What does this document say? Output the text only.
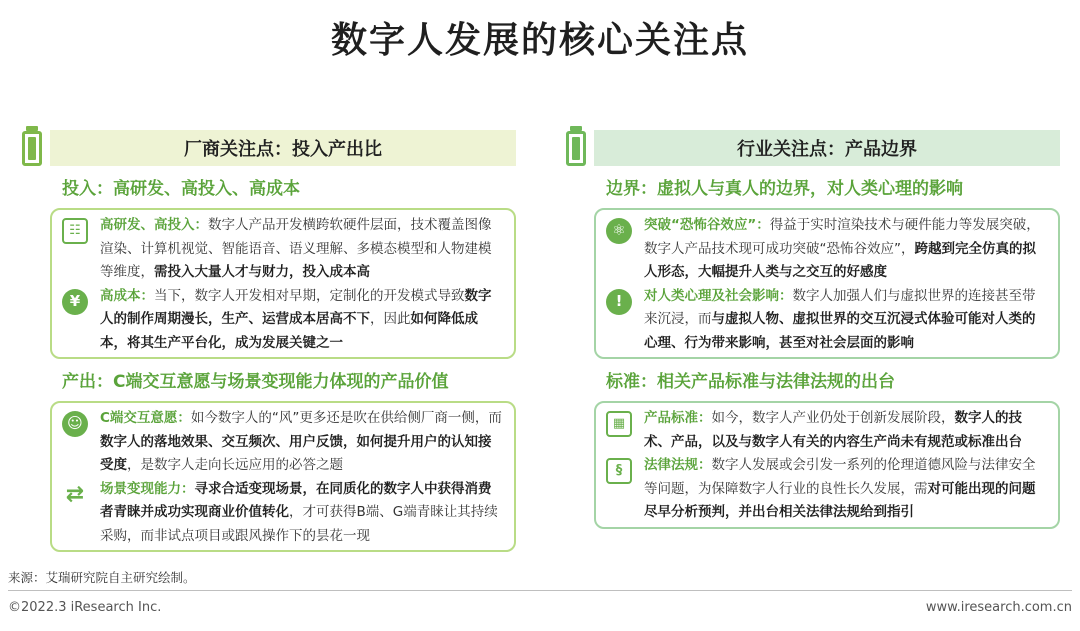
数字人发展的核心关注点
厂商关注点：投入产出比
投入：高研发、高投入、高成本
☷	高研发、高投入：数字人产品开发横跨软硬件层面，技术覆盖图像渲染、计算机视觉、智能语音、语义理解、多模态模型和人物建模等维度，需投入大量人才与财力，投入成本高
¥	高成本：当下，数字人开发相对早期，定制化的开发模式导致数字人的制作周期漫长，生产、运营成本居高不下，因此如何降低成本，将其生产平台化，成为发展关键之一
产出：C端交互意愿与场景变现能力体现的产品价值
☺	C端交互意愿：如今数字人的“风”更多还是吹在供给侧厂商一侧，而数字人的落地效果、交互频次、用户反馈，如何提升用户的认知接受度，是数字人走向长远应用的必答之题
⇄ 场景变现能力：寻求合适变现场景，在同质化的数字人中获得消费者青睐并成功实现商业价值转化，才可获得B端、G端青睐让其持续采购，而非试点项目或跟风操作下的昙花一现
行业关注点：产品边界
边界：虚拟人与真人的边界，对人类心理的影响
⚛	突破“恐怖谷效应”：得益于实时渲染技术与硬件能力等发展突破，数字人产品技术现可成功突破“恐怖谷效应”，跨越到完全仿真的拟人形态，大幅提升人类与之交互的好感度
!	对人类心理及社会影响：数字人加强人们与虚拟世界的连接甚至带来沉浸，而与虚拟人物、虚拟世界的交互沉浸式体验可能对人类的心理、行为带来影响，甚至对社会层面的影响
标准：相关产品标准与法律法规的出台
▦	产品标准：如今，数字人产业仍处于创新发展阶段，数字人的技术、产品，以及与数字人有关的内容生产尚未有规范或标准出台
§	法律法规：数字人发展或会引发一系列的伦理道德风险与法律安全等问题，为保障数字人行业的良性长久发展，需对可能出现的问题尽早分析预判，并出台相关法律法规给到指引
来源：艾瑞研究院自主研究绘制。
©2022.3 iResearch Inc.	www.iresearch.com.cn
